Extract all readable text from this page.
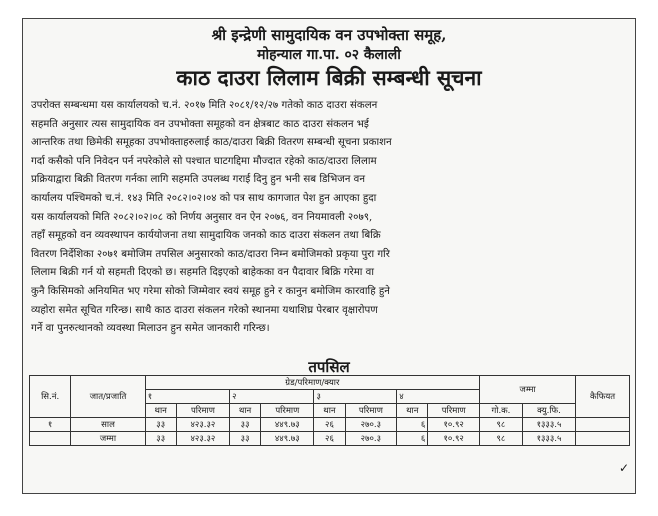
श्री इन्द्रेणी सामुदायिक वन उपभोक्ता समूह,
मोहन्याल गा.पा. ०२ कैलाली
काठ दाउरा लिलाम बिक्री सम्बन्धी सूचना
उपरोक्त सम्बन्धमा यस कार्यालयको च.नं. २०१७ मिति २०८१/१२/२७ गतेको काठ दाउरा संकलन
सहमति अनुसार त्यस सामुदायिक वन उपभोक्ता समूहको वन क्षेत्रबाट काठ दाउरा संकलन भई
आन्तरिक तथा छिमेकी समूहका उपभोक्ताहरुलाई काठ/दाउरा बिक्री वितरण सम्बन्धी सूचना प्रकाशन
गर्दा कसैको पनि निवेदन पर्न नपरेकोले सो पश्चात घाटगद्दिमा मौज्दात रहेको काठ/दाउरा लिलाम
प्रक्रियाद्वारा बिक्री वितरण गर्नका लागि सहमति उपलब्ध गराई दिनु हुन भनी सब डिभिजन वन
कार्यालय पश्चिमको च.नं. १४३ मिति २०८२।०२।०४ को पत्र साथ कागजात पेश हुन आएका हुदा
यस कार्यालयको मिति २०८२।०२।०८ को निर्णय अनुसार वन ऐन २०७६, वन नियमावली २०७९,
तहाँ समूहको वन व्यवस्थापन कार्ययोजना तथा सामुदायिक जनको काठ दाउरा संकलन तथा बिक्रि
वितरण निर्देशिका २०७१ बमोजिम तपसिल अनुसारको काठ/दाउरा निम्न बमोजिमको प्रकृया पुरा गरि
लिलाम बिक्री गर्न यो सहमती दिएको छ। सहमति दिइएको बाहेकका वन पैदावार बिक्रि गरेमा वा
कुनै किसिमको अनियमित भए गरेमा सोको जिम्मेवार स्वयं समूह हुने र कानुन बमोजिम कारवाहि हुने
व्यहोरा समेत सूचित गरिन्छ। साथै काठ दाउरा संकलन गरेको स्थानमा यथाशिघ्र पेरबार वृक्षारोपण
गर्ने वा पुनरुत्थानको व्यवस्था मिलाउन हुन समेत जानकारी गरिन्छ।
तपसिल
सि.नं.	जात/प्रजाति	ग्रेड/परिमाण/क्यार								जम्मा		कैफियत
		१		२		३		४				
		थान	परिमाण	थान	परिमाण	थान	परिमाण	थान	परिमाण	गो.क.	क्यु.फि.	
१	साल	३३	४२३.३२	३३	४४९.७३	२६	२७०.३	६	१०.९२	९८	१३३३.५	
	जम्मा	३३	४२३.३२	३३	४४९.७३	२६	२७०.३	६	१०.९२	९८	१३३३.५	
✓
